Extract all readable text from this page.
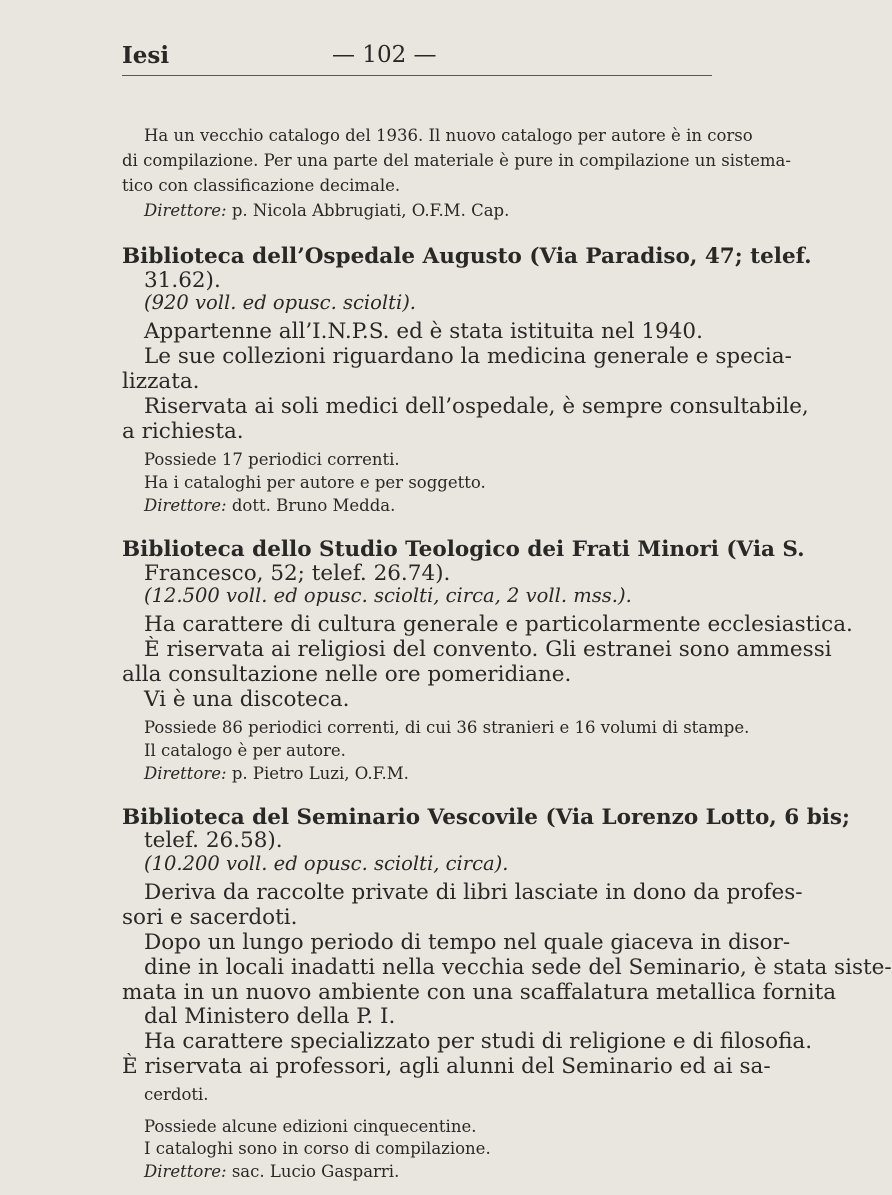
Iesi	— 102 —
Ha un vecchio catalogo del 1936. Il nuovo catalogo per autore è in corso
di compilazione. Per una parte del materiale è pure in compilazione un sistema-
tico con classificazione decimale.
Direttore: p. Nicola Abbrugiati, O.F.M. Cap.
Biblioteca dell’Ospedale Augusto (Via Paradiso, 47; telef.
31.62).
(920 voll. ed opusc. sciolti).
Appartenne all’I.N.P.S. ed è stata istituita nel 1940.
Le sue collezioni riguardano la medicina generale e specia-
lizzata.
Riservata ai soli medici dell’ospedale, è sempre consultabile,
a richiesta.
Possiede 17 periodici correnti.
Ha i cataloghi per autore e per soggetto.
Direttore: dott. Bruno Medda.
Biblioteca dello Studio Teologico dei Frati Minori (Via S.
Francesco, 52; telef. 26.74).
(12.500 voll. ed opusc. sciolti, circa, 2 voll. mss.).
Ha carattere di cultura generale e particolarmente ecclesiastica.
È riservata ai religiosi del convento. Gli estranei sono ammessi
alla consultazione nelle ore pomeridiane.
Vi è una discoteca.
Possiede 86 periodici correnti, di cui 36 stranieri e 16 volumi di stampe.
Il catalogo è per autore.
Direttore: p. Pietro Luzi, O.F.M.
Biblioteca del Seminario Vescovile (Via Lorenzo Lotto, 6 bis;
telef. 26.58).
(10.200 voll. ed opusc. sciolti, circa).
Deriva da raccolte private di libri lasciate in dono da profes-
sori e sacerdoti.
Dopo un lungo periodo di tempo nel quale giaceva in disor-
dine in locali inadatti nella vecchia sede del Seminario, è stata siste-
mata in un nuovo ambiente con una scaffalatura metallica fornita
dal Ministero della P. I.
Ha carattere specializzato per studi di religione e di filosofia.
È riservata ai professori, agli alunni del Seminario ed ai sa-
cerdoti.
Possiede alcune edizioni cinquecentine.
I cataloghi sono in corso di compilazione.
Direttore: sac. Lucio Gasparri.
